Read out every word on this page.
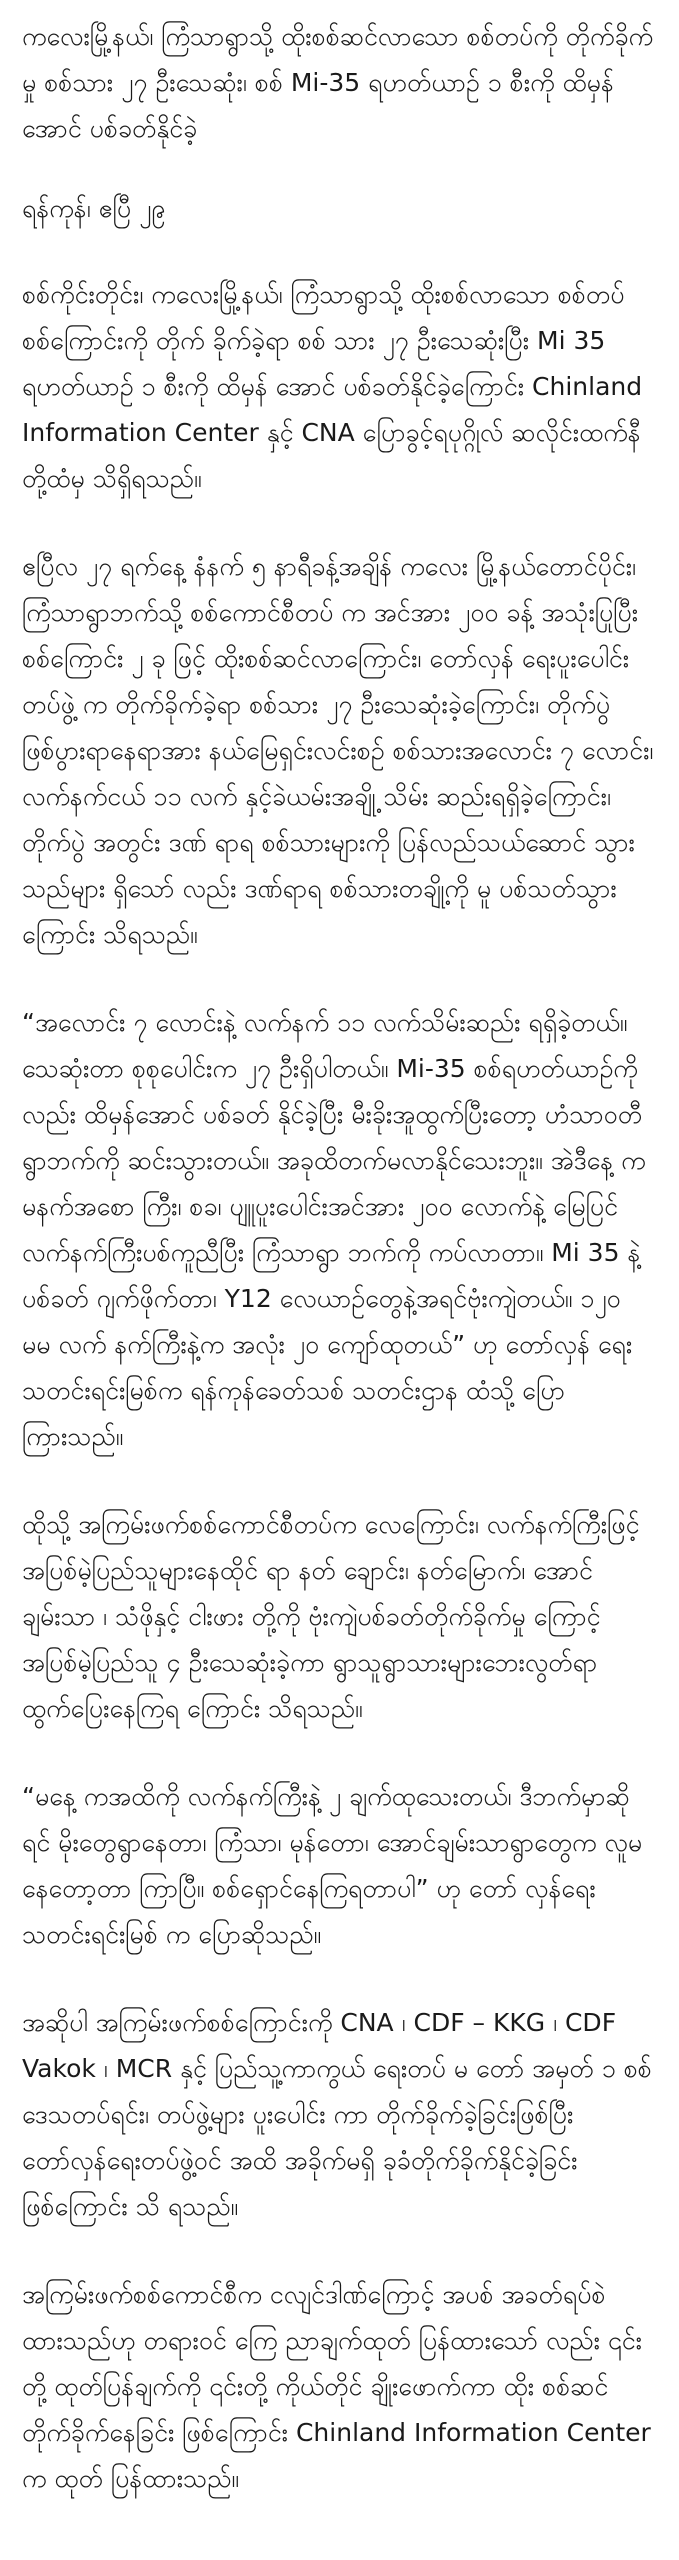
ကလေးမြို့နယ်၊ ကြံသာရွာသို့ ထိုးစစ်ဆင်လာသော စစ်တပ်ကို တိုက်ခိုက်မှု စစ်သား ၂၇ ဦးသေဆုံး၊ စစ် Mi-35 ရဟတ်ယာဉ် ၁ စီးကို ထိမှန်အောင် ပစ်ခတ်နိုင်ခဲ့
ရန်ကုန်၊ ဧပြီ ၂၉

စစ်ကိုင်းတိုင်း၊ ကလေးမြို့နယ်၊ ကြံသာရွာသို့ ထိုးစစ်လာသော စစ်တပ်စစ်ကြောင်းကို တိုက် ခိုက်ခဲ့ရာ စစ် သား ၂၇ ဦးသေဆုံးပြီး Mi 35 ရဟတ်ယာဉ် ၁ စီးကို ထိမှန် အောင် ပစ်ခတ်နိုင်ခဲ့ကြောင်း Chinland Information Center နှင့် CNA ပြောခွင့်ရပုဂ္ဂိုလ် ဆလိုင်းထက်နီတို့ထံမှ သိရှိရသည်။

ဧပြီလ ၂၇ ရက်နေ့ နံနက် ၅ နာရီခန့်အချိန် ကလေး မြို့နယ်တောင်ပိုင်း၊ ကြံသာရွာဘက်သို့ စစ်ကောင်စီတပ် က အင်အား ၂၀၀ ခန့် အသုံးပြုပြီး စစ်ကြောင်း ၂ ခု ဖြင့် ထိုးစစ်ဆင်လာကြောင်း၊ တော်လှန် ရေးပူးပေါင်းတပ်ဖွဲ့ က တိုက်ခိုက်ခဲ့ရာ စစ်သား ၂၇ ဦးသေဆုံးခဲ့ကြောင်း၊ တိုက်ပွဲဖြစ်ပွားရာနေရာအား နယ်မြေရှင်းလင်းစဉ် စစ်သားအလောင်း ၇ လောင်း၊ လက်နက်ငယ် ၁၁ လက် နှင့်ခဲယမ်းအချို့ သိမ်း ဆည်းရရှိခဲ့ကြောင်း၊ တိုက်ပွဲ အတွင်း ဒဏ် ရာရ စစ်သားများကို ပြန်လည်သယ်ဆောင် သွားသည်များ ရှိသော် လည်း ဒဏ်ရာရ စစ်သားတချို့ကို မူ ပစ်သတ်သွားကြောင်း သိရသည်။

“အလောင်း ၇ လောင်းနဲ့ လက်နက် ၁၁ လက်သိမ်းဆည်း ရရှိခဲ့တယ်။ သေဆုံးတာ စုစုပေါင်းက ၂၇ ဦးရှိပါတယ်။ Mi-35 စစ်ရဟတ်ယာဉ်ကိုလည်း ထိမှန်အောင် ပစ်ခတ် နိုင်ခဲ့ပြီး မီးခိုးအူထွက်ပြီးတော့ ဟံသာဝတီရွာဘက်ကို ဆင်းသွားတယ်။ အခုထိတက်မလာနိုင်သေးဘူး။ အဲဒီနေ့ က မနက်အစော ကြီး၊ စခ၊ ပျူပူးပေါင်းအင်အား ၂၀၀ လောက်နဲ့ မြေပြင် လက်နက်ကြီးပစ်ကူညီပြီး ကြံသာရွာ ဘက်ကို ကပ်လာတာ။ Mi 35 နဲ့ပစ်ခတ် ဂျက်ဖိုက်တာ၊ Y12 လေယာဉ်တွေနဲ့အရင်ဗုံးကျဲတယ်။ ၁၂၀ မမ လက် နက်ကြီးနဲ့က အလုံး ၂၀ ကျော်ထုတယ်” ဟု တော်လှန် ရေး သတင်းရင်းမြစ်က ရန်ကုန်ခေတ်သစ် သတင်းဌာန ထံသို့ ပြောကြားသည်။

ထိုသို့ အကြမ်းဖက်စစ်ကောင်စီတပ်က လေကြောင်း၊ လက်နက်ကြီးဖြင့် အပြစ်မဲ့ပြည်သူများနေထိုင် ရာ နတ် ချောင်း၊ နတ်မြောက်၊ အောင်ချမ်းသာ ၊ သံဖိုနှင့် ငါးဖား တို့ကို ဗုံးကျဲပစ်ခတ်တိုက်ခိုက်မှု ကြောင့် အပြစ်မဲ့ပြည်သူ ၄ ဦးသေဆုံးခဲ့ကာ ရွာသူရွာသားများဘေးလွတ်ရာ ထွက်ပြေးနေကြရ ကြောင်း သိရသည်။

“မနေ့ ကအထိကို လက်နက်ကြီးနဲ့ ၂ ချက်ထုသေးတယ်၊ ဒီဘက်မှာဆိုရင် မိုးတွေရွာနေတာ၊ ကြံသာ၊ မုန်တော၊ အောင်ချမ်းသာရွာတွေက လူမနေတော့တာ ကြာပြီ။ စစ်ရှောင်နေကြရတာပါ” ဟု တော် လှန်ရေးသတင်းရင်းမြစ် က ပြောဆိုသည်။

အဆိုပါ အကြမ်းဖက်စစ်ကြောင်းကို CNA ၊ CDF – KKG ၊ CDF Vakok ၊ MCR နှင့် ပြည်သူ့ကာကွယ် ရေးတပ် မ တော် အမှတ် ၁ စစ်ဒေသတပ်ရင်း၊ တပ်ဖွဲ့များ ပူးပေါင်း ကာ တိုက်ခိုက်ခဲ့ခြင်းဖြစ်ပြီး တော်လှန်ရေးတပ်ဖွဲ့ဝင် အထိ အခိုက်မရှိ ခုခံတိုက်ခိုက်နိုင်ခဲ့ခြင်းဖြစ်ကြောင်း သိ ရသည်။

အကြမ်းဖက်စစ်ကောင်စီက ငလျင်ဒါဏ်ကြောင့် အပစ် အခတ်ရပ်စဲထားသည်ဟု တရားဝင် ကြေ ညာချက်ထုတ် ပြန်ထားသော် လည်း ၎င်းတို့ ထုတ်ပြန်ချက်ကို ၎င်းတို့ ကိုယ်တိုင် ချိုးဖောက်ကာ ထိုး စစ်ဆင်တိုက်ခိုက်နေခြင်း ဖြစ်ကြောင်း Chinland Information Center က ထုတ် ပြန်ထားသည်။
